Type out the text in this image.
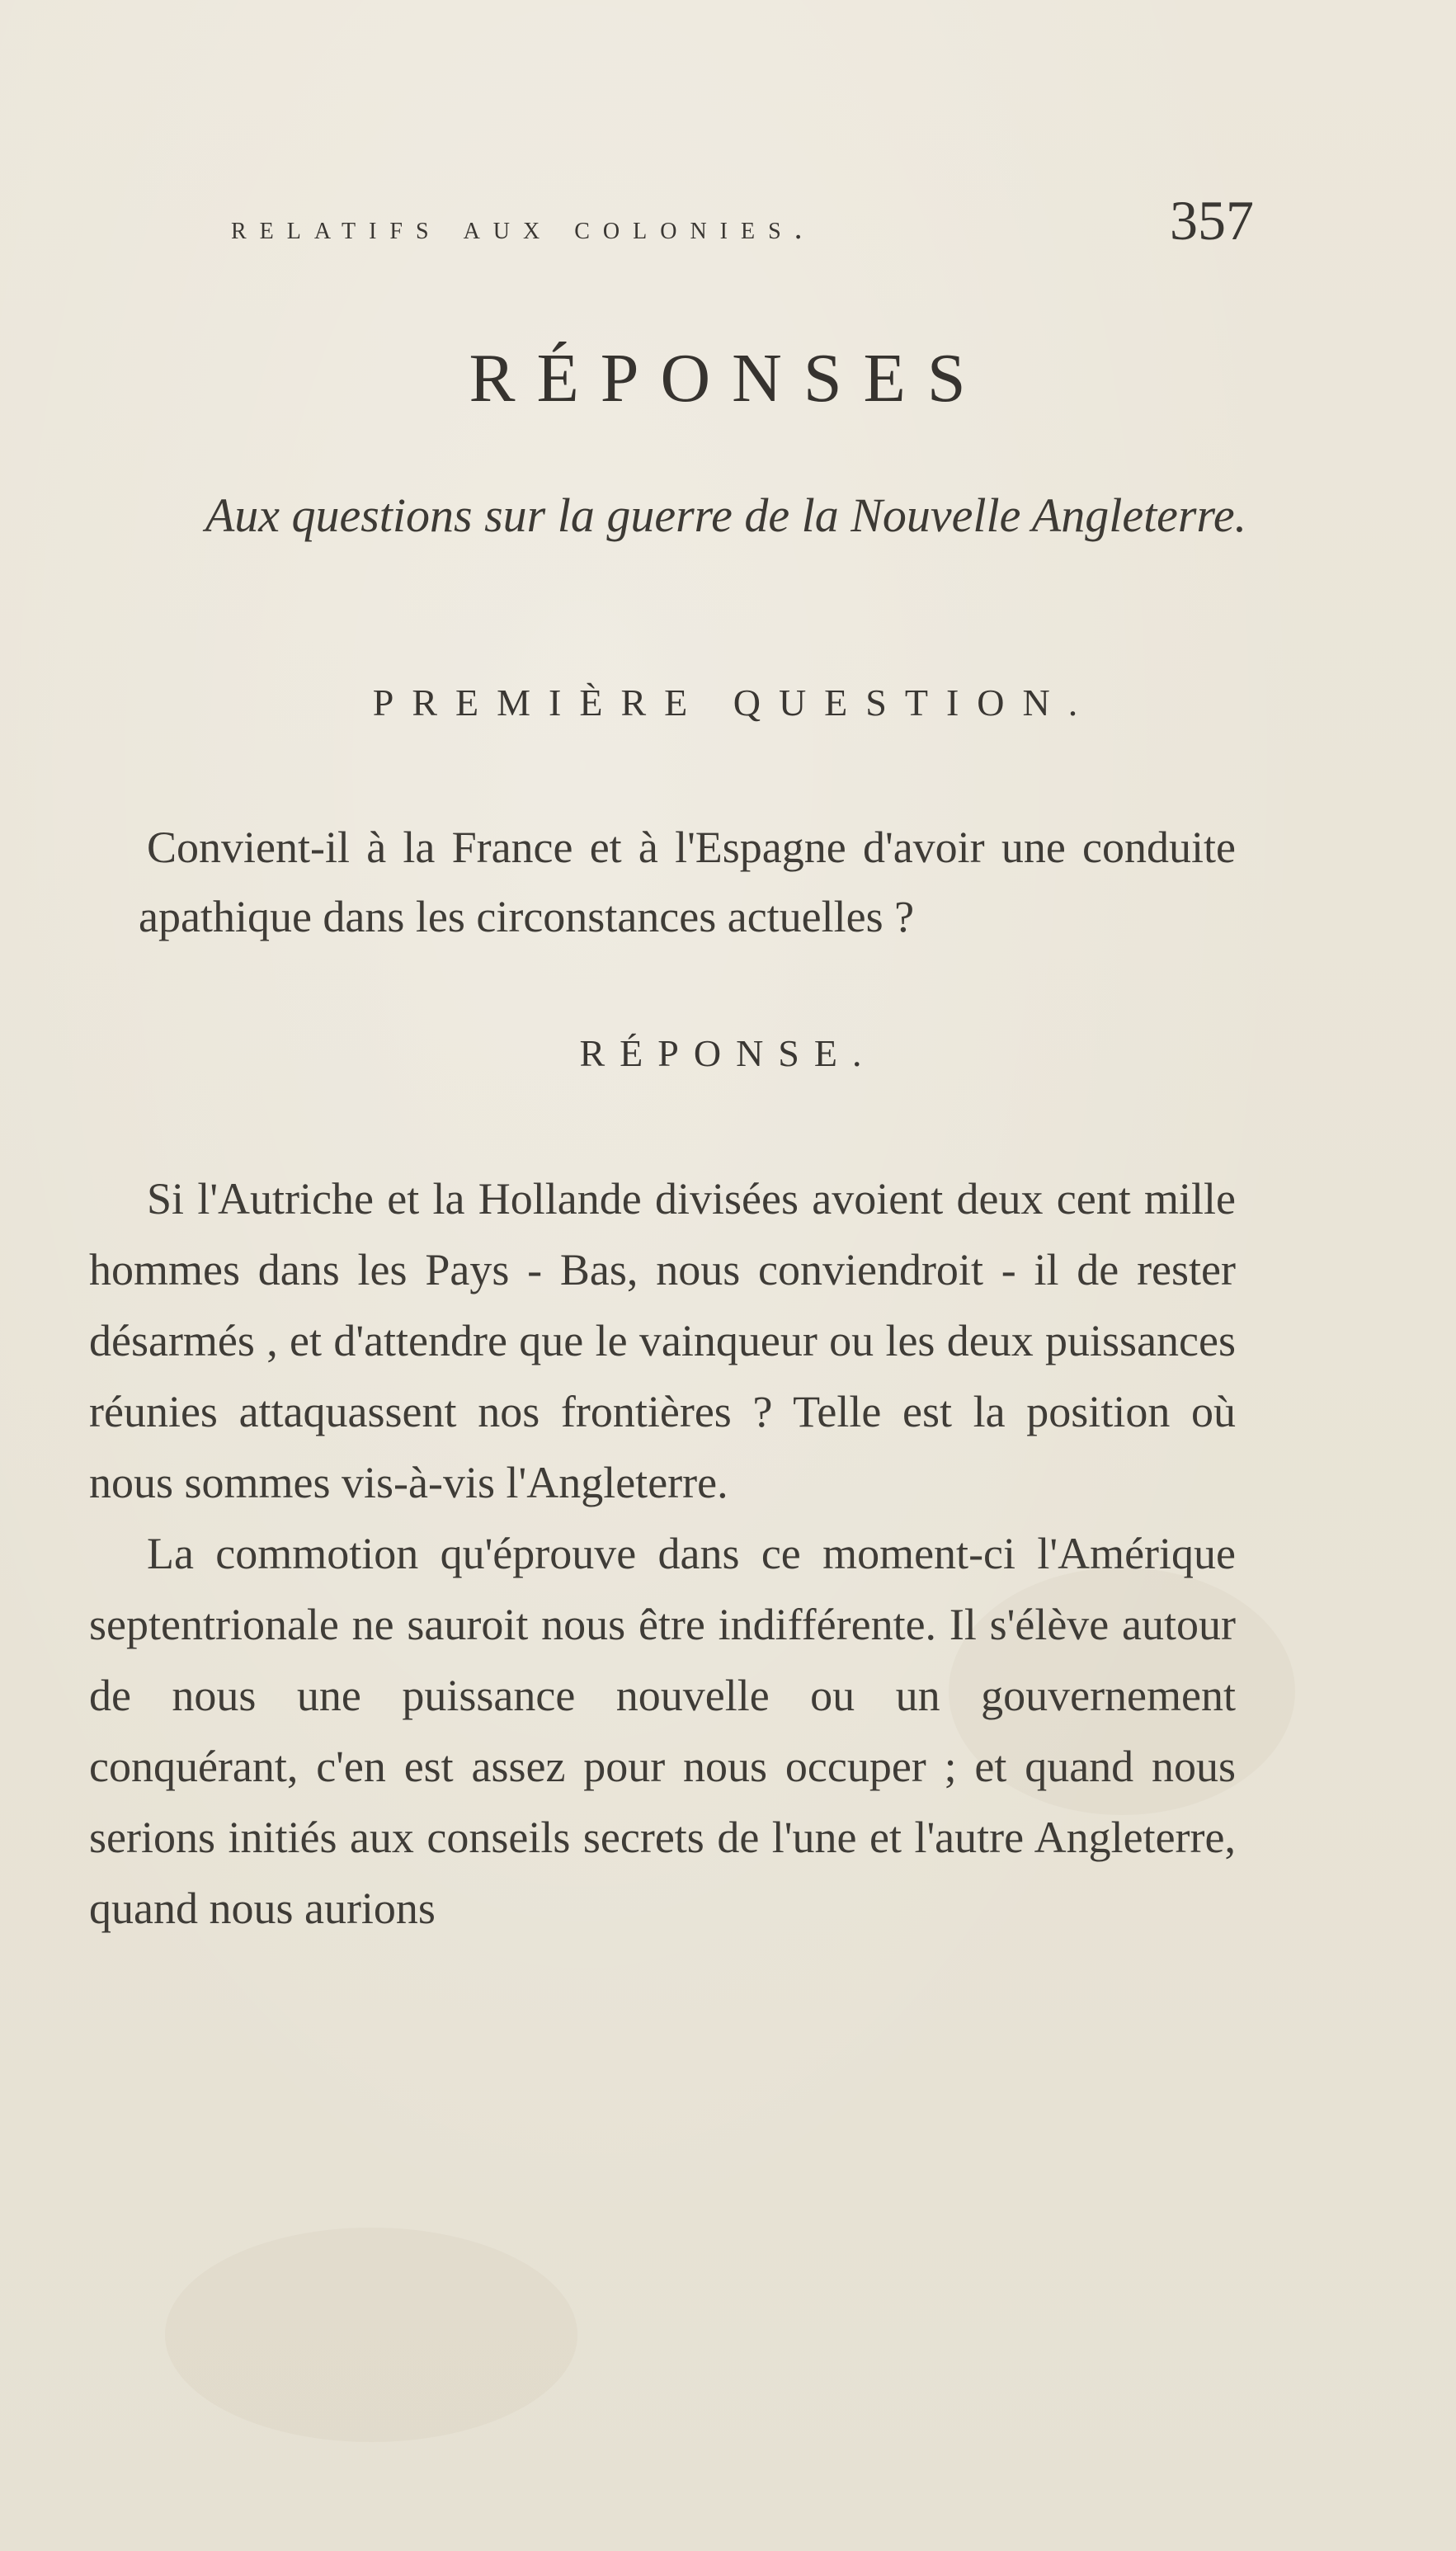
relatifs aux colonies.	357
RÉPONSES
Aux questions sur la guerre de la Nouvelle Angleterre.
PREMIÈRE QUESTION.
Convient-il à la France et à l'Espagne d'avoir une conduite apathique dans les circonstances actuelles ?
RÉPONSE.

Si l'Autriche et la Hollande divisées avoient deux cent mille hommes dans les Pays - Bas, nous conviendroit - il de rester désarmés , et d'attendre que le vainqueur ou les deux puissances réunies attaquassent nos frontières ? Telle est la position où nous sommes vis-à-vis l'Angleterre.

La commotion qu'éprouve dans ce moment-ci l'Amérique septentrionale ne sauroit nous être indifférente. Il s'élève autour de nous une puissance nouvelle ou un gouvernement conquérant, c'en est assez pour nous occuper ; et quand nous serions initiés aux conseils secrets de l'une et l'autre Angleterre, quand nous aurions
